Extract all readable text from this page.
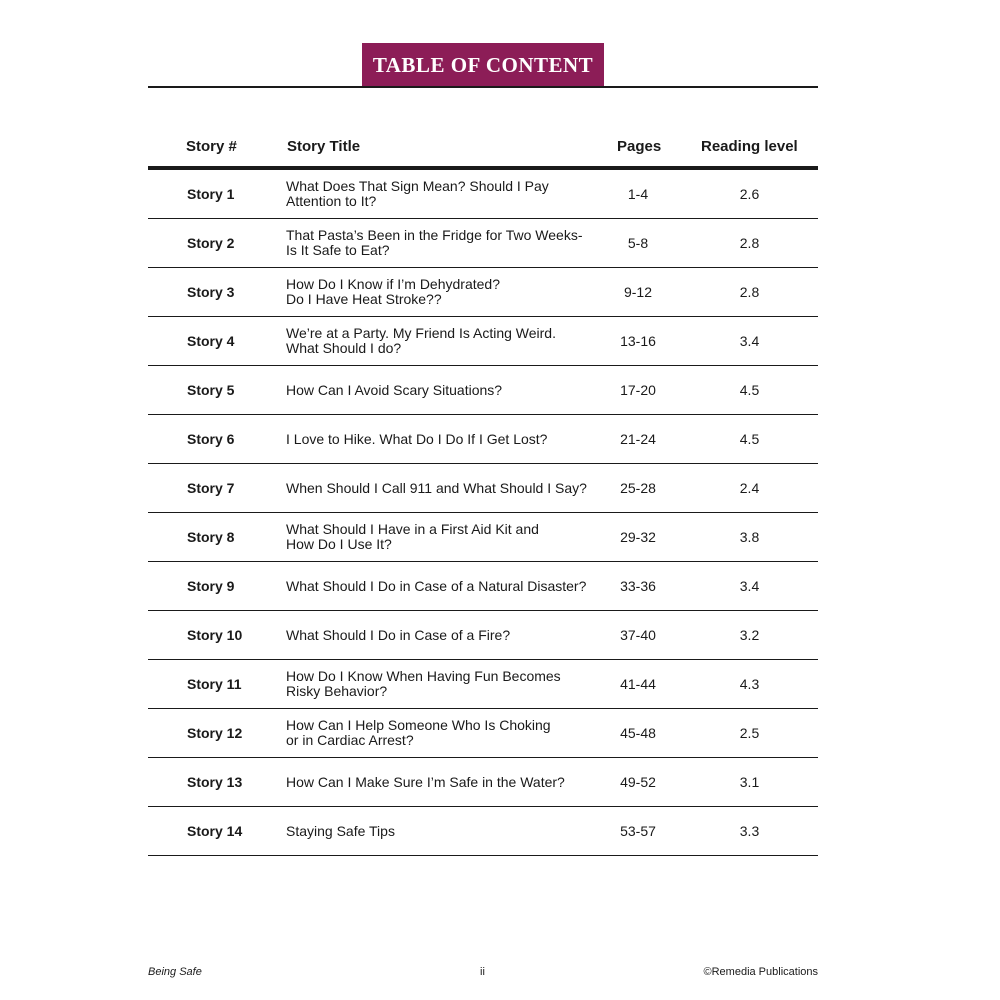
TABLE OF CONTENT
Story #	Story Title	Pages	Reading level
Story 1	What Does That Sign Mean? Should I Pay
Attention to It?	1-4	2.6
Story 2	That Pasta’s Been in the Fridge for Two Weeks-
Is It Safe to Eat?	5-8	2.8
Story 3	How Do I Know if I’m Dehydrated?
Do I Have Heat Stroke??	9-12	2.8
Story 4	We’re at a Party. My Friend Is Acting Weird.
What Should I do?	13-16	3.4
Story 5	How Can I Avoid Scary Situations?	17-20	4.5
Story 6	I Love to Hike. What Do I Do If I Get Lost?	21-24	4.5
Story 7	When Should I Call 911 and What Should I Say?	25-28	2.4
Story 8	What Should I Have in a First Aid Kit and
How Do I Use It?	29-32	3.8
Story 9	What Should I Do in Case of a Natural Disaster?	33-36	3.4
Story 10	What Should I Do in Case of a Fire?	37-40	3.2
Story 11	How Do I Know When Having Fun Becomes
Risky Behavior?	41-44	4.3
Story 12	How Can I Help Someone Who Is Choking
or in Cardiac Arrest?	45-48	2.5
Story 13	How Can I Make Sure I’m Safe in the Water?	49-52	3.1
Story 14	Staying Safe Tips	53-57	3.3
Being Safe	ii	©Remedia Publications
